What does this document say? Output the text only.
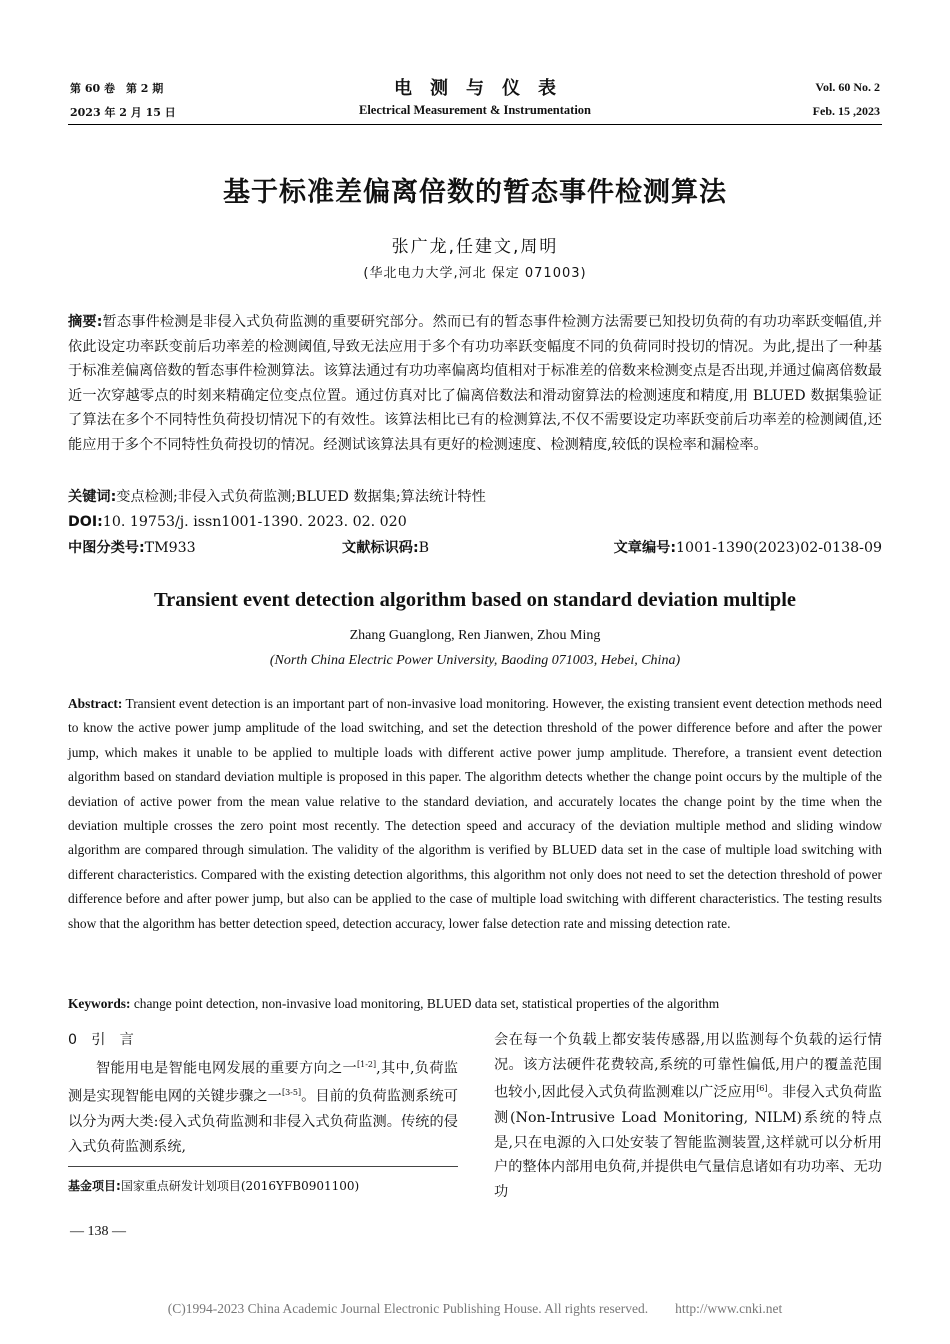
第 60 卷　第 2 期
2023 年 2 月 15 日
电　测　与　仪　表
Electrical Measurement & Instrumentation
Vol. 60 No. 2
Feb. 15 ,2023
基于标准差偏离倍数的暂态事件检测算法
张广龙,任建文,周明
(华北电力大学,河北 保定 071003)
摘要:暂态事件检测是非侵入式负荷监测的重要研究部分。然而已有的暂态事件检测方法需要已知投切负荷的有功功率跃变幅值,并依此设定功率跃变前后功率差的检测阈值,导致无法应用于多个有功功率跃变幅度不同的负荷同时投切的情况。为此,提出了一种基于标准差偏离倍数的暂态事件检测算法。该算法通过有功功率偏离均值相对于标准差的倍数来检测变点是否出现,并通过偏离倍数最近一次穿越零点的时刻来精确定位变点位置。通过仿真对比了偏离倍数法和滑动窗算法的检测速度和精度,用 BLUED 数据集验证了算法在多个不同特性负荷投切情况下的有效性。该算法相比已有的检测算法,不仅不需要设定功率跃变前后功率差的检测阈值,还能应用于多个不同特性负荷投切的情况。经测试该算法具有更好的检测速度、检测精度,较低的误检率和漏检率。
关键词:变点检测;非侵入式负荷监测;BLUED 数据集;算法统计特性
DOI:10. 19753/j. issn1001-1390. 2023. 02. 020
中图分类号:TM933	文献标识码:B	文章编号:1001-1390(2023)02-0138-09
Transient event detection algorithm based on standard deviation multiple
Zhang Guanglong, Ren Jianwen, Zhou Ming
(North China Electric Power University, Baoding 071003, Hebei, China)
Abstract: Transient event detection is an important part of non-invasive load monitoring. However, the existing transient event detection methods need to know the active power jump amplitude of the load switching, and set the detection threshold of the power difference before and after the power jump, which makes it unable to be applied to multiple loads with different active power jump amplitude. Therefore, a transient event detection algorithm based on standard deviation multiple is proposed in this paper. The algorithm detects whether the change point occurs by the multiple of the deviation of active power from the mean value relative to the standard deviation, and accurately locates the change point by the time when the deviation multiple crosses the zero point most recently. The detection speed and accuracy of the deviation multiple method and sliding window algorithm are compared through simulation. The validity of the algorithm is verified by BLUED data set in the case of multiple load switching with different characteristics. Compared with the existing detection algorithms, this algorithm not only does not need to set the detection threshold of power difference before and after power jump, but also can be applied to the case of multiple load switching with different characteristics. The testing results show that the algorithm has better detection speed, detection accuracy, lower false detection rate and missing detection rate.
Keywords: change point detection, non-invasive load monitoring, BLUED data set, statistical properties of the algorithm
0　引　言
智能用电是智能电网发展的重要方向之一[1-2],其中,负荷监测是实现智能电网的关键步骤之一[3-5]。目前的负荷监测系统可以分为两大类:侵入式负荷监测和非侵入式负荷监测。传统的侵入式负荷监测系统,
会在每一个负载上都安装传感器,用以监测每个负载的运行情况。该方法硬件花费较高,系统的可靠性偏低,用户的覆盖范围也较小,因此侵入式负荷监测难以广泛应用[6]。非侵入式负荷监测(Non-Intrusive Load Monitoring, NILM)系统的特点是,只在电源的入口处安装了智能监测装置,这样就可以分析用户的整体内部用电负荷,并提供电气量信息诸如有功功率、无功功
基金项目:国家重点研发计划项目(2016YFB0901100)
— 138 —
(C)1994-2023 China Academic Journal Electronic Publishing House. All rights reserved.　　http://www.cnki.net
